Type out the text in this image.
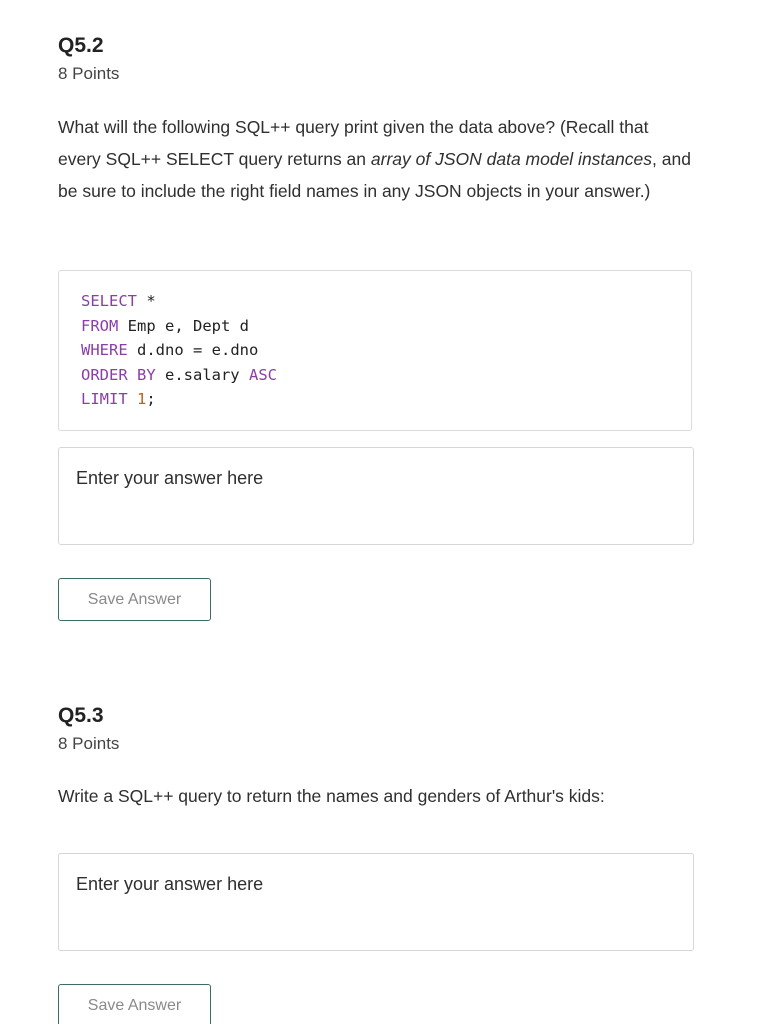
Q5.2
8 Points
What will the following SQL++ query print given the data above? (Recall that every SQL++ SELECT query returns an array of JSON data model instances, and be sure to include the right field names in any JSON objects in your answer.)
SELECT *
FROM Emp e, Dept d
WHERE d.dno = e.dno
ORDER BY e.salary ASC
LIMIT 1;
Enter your answer here
Save Answer
Q5.3
8 Points
Write a SQL++ query to return the names and genders of Arthur's kids:
Enter your answer here
Save Answer
